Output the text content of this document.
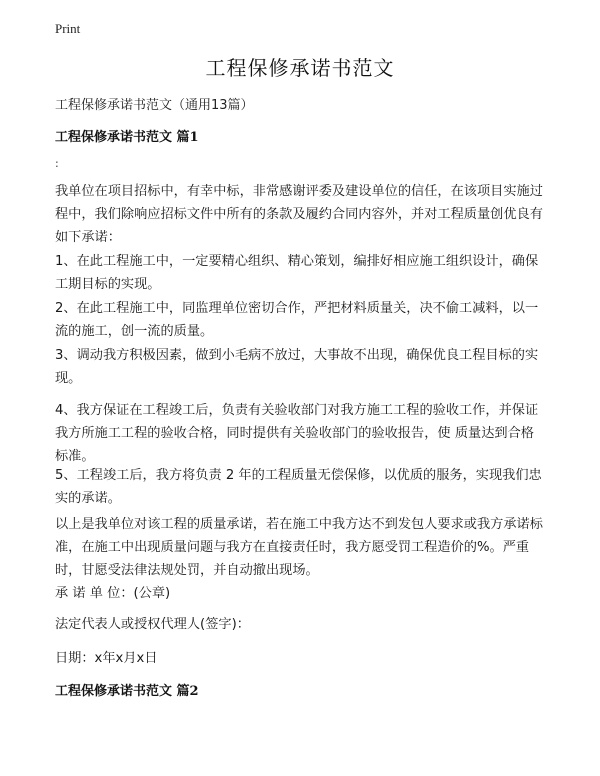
Print
工程保修承诺书范文
工程保修承诺书范文（通用13篇）
工程保修承诺书范文 篇1
:
我单位在项目招标中，有幸中标，非常感谢评委及建设单位的信任，在该项目实施过程中，我们除响应招标文件中所有的条款及履约合同内容外，并对工程质量创优良有如下承诺：
1、在此工程施工中，一定要精心组织、精心策划，编排好相应施工组织设计，确保工期目标的实现。
2、在此工程施工中，同监理单位密切合作，严把材料质量关，决不偷工减料，以一流的施工，创一流的质量。
3、调动我方积极因素，做到小毛病不放过，大事故不出现，确保优良工程目标的实现。
4、我方保证在工程竣工后，负责有关验收部门对我方施工工程的验收工作，并保证我方所施工工程的验收合格，同时提供有关验收部门的验收报告，使 质量达到合格标准。
5、工程竣工后，我方将负责 2 年的工程质量无偿保修，以优质的服务，实现我们忠实的承诺。
以上是我单位对该工程的质量承诺，若在施工中我方达不到发包人要求或我方承诺标准，在施工中出现质量问题与我方在直接责任时，我方愿受罚工程造价的%。严重时，甘愿受法律法规处罚，并自动撤出现场。
承 诺 单 位：(公章)
法定代表人或授权代理人(签字)：
日期：x年x月x日
工程保修承诺书范文 篇2
